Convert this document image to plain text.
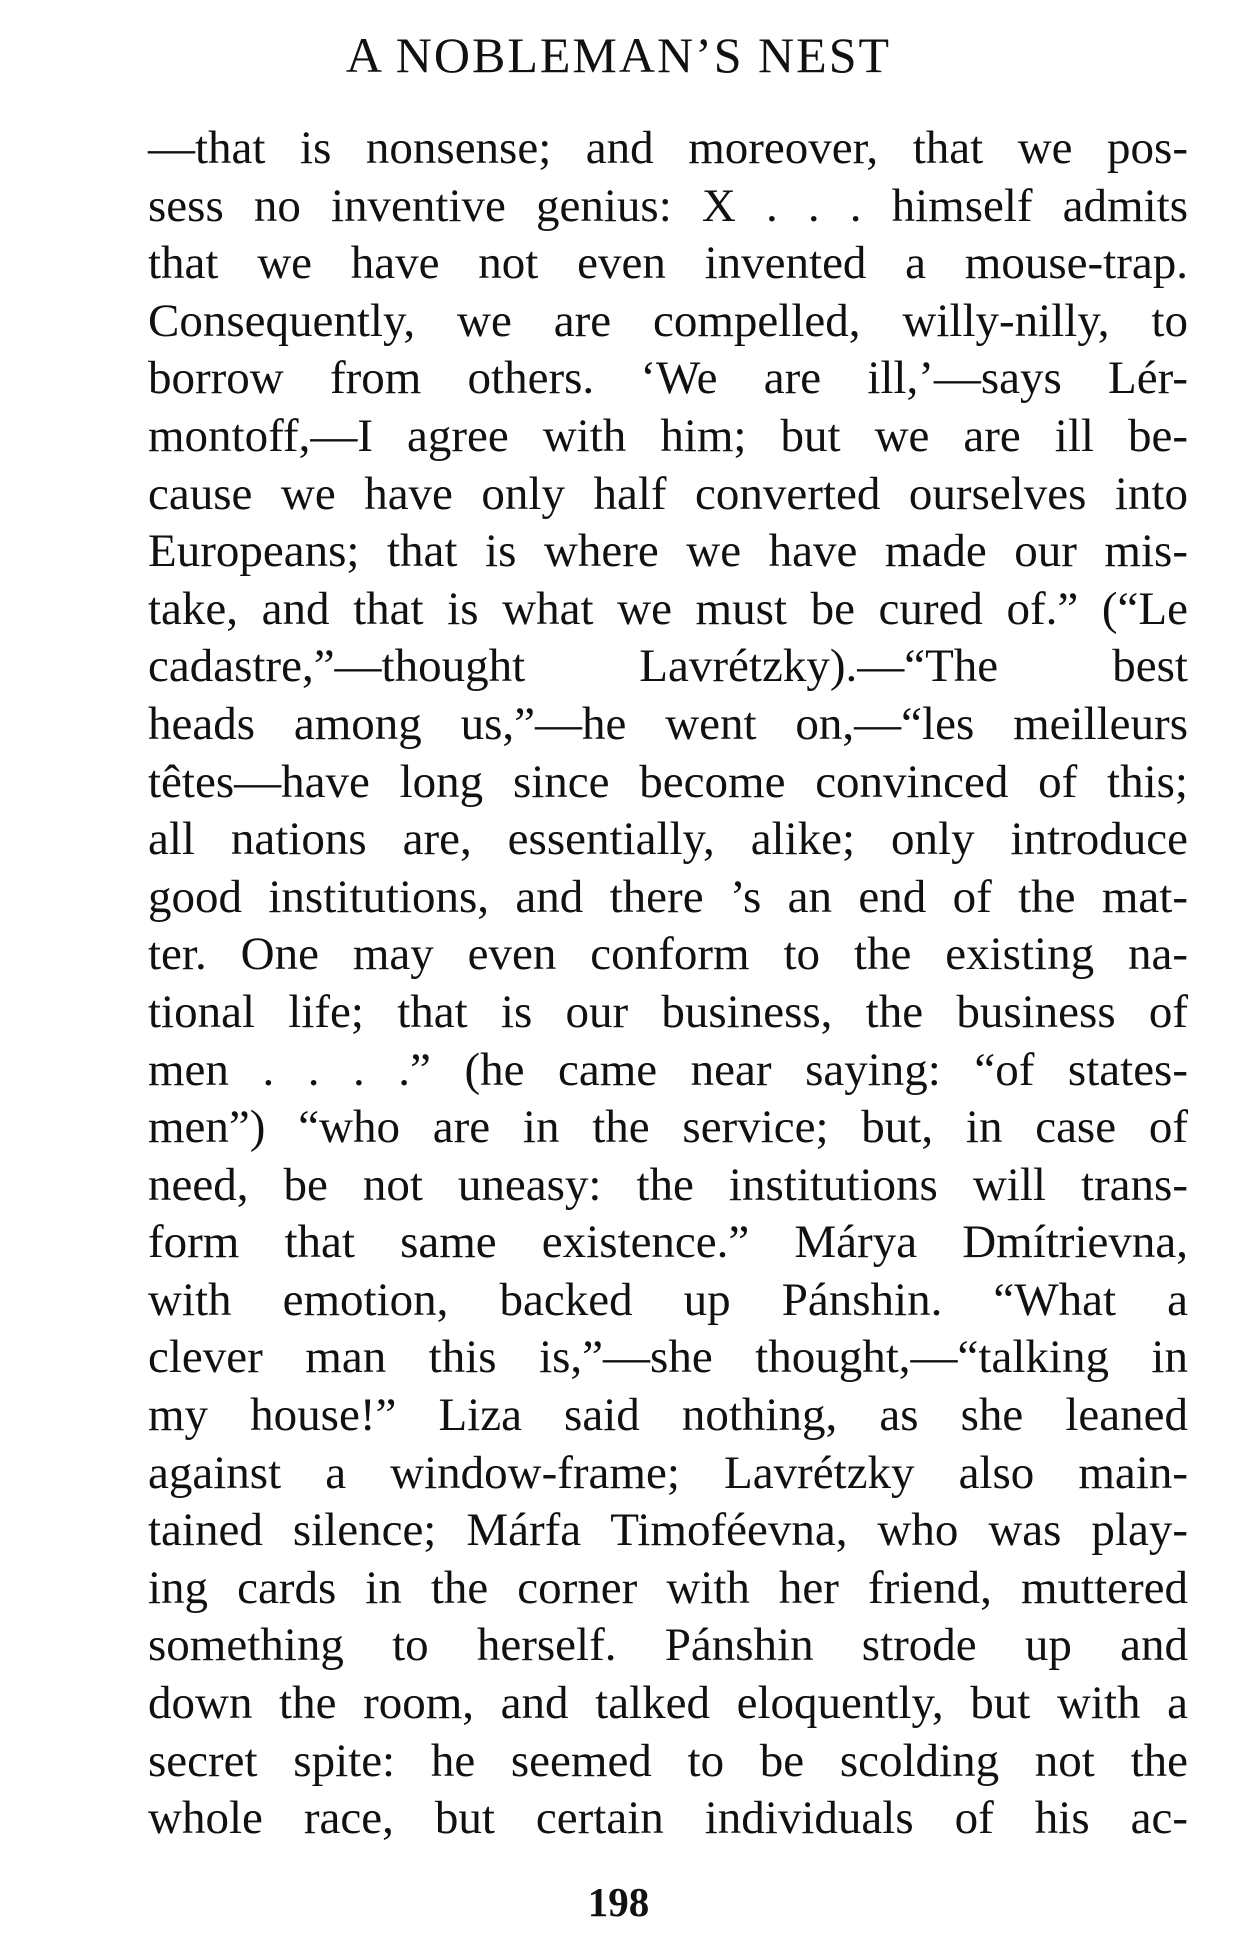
A NOBLEMAN’S NEST
—that is nonsense; and moreover, that we pos-
sess no inventive genius: X . . . himself admits
that we have not even invented a mouse-trap.
Consequently, we are compelled, willy-nilly, to
borrow from others. ‘We are ill,’—says Lér-
montoff,—I agree with him; but we are ill be-
cause we have only half converted ourselves into
Europeans; that is where we have made our mis-
take, and that is what we must be cured of.” (“Le
cadastre,”—thought Lavrétzky).—“The best
heads among us,”—he went on,—“les meilleurs
têtes—have long since become convinced of this;
all nations are, essentially, alike; only introduce
good institutions, and there ’s an end of the mat-
ter. One may even conform to the existing na-
tional life; that is our business, the business of
men . . . .” (he came near saying: “of states-
men”) “who are in the service; but, in case of
need, be not uneasy: the institutions will trans-
form that same existence.” Márya Dmítrievna,
with emotion, backed up Pánshin. “What a
clever man this is,”—she thought,—“talking in
my house!” Liza said nothing, as she leaned
against a window-frame; Lavrétzky also main-
tained silence; Márfa Timoféevna, who was play-
ing cards in the corner with her friend, muttered
something to herself. Pánshin strode up and
down the room, and talked eloquently, but with a
secret spite: he seemed to be scolding not the
whole race, but certain individuals of his ac-
198
